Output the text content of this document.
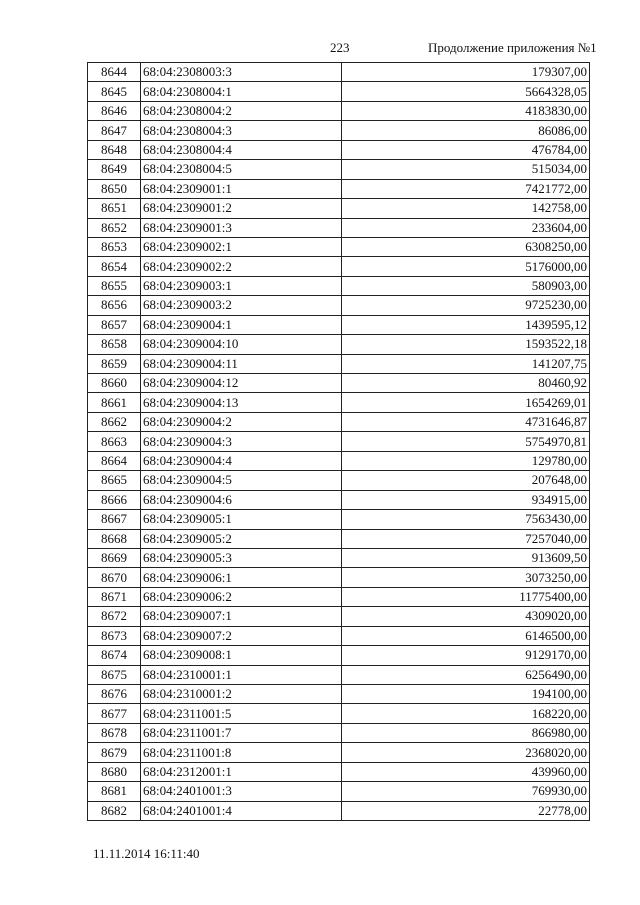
223	Продолжение приложения №1
8644	68:04:2308003:3	179307,00
8645	68:04:2308004:1	5664328,05
8646	68:04:2308004:2	4183830,00
8647	68:04:2308004:3	86086,00
8648	68:04:2308004:4	476784,00
8649	68:04:2308004:5	515034,00
8650	68:04:2309001:1	7421772,00
8651	68:04:2309001:2	142758,00
8652	68:04:2309001:3	233604,00
8653	68:04:2309002:1	6308250,00
8654	68:04:2309002:2	5176000,00
8655	68:04:2309003:1	580903,00
8656	68:04:2309003:2	9725230,00
8657	68:04:2309004:1	1439595,12
8658	68:04:2309004:10	1593522,18
8659	68:04:2309004:11	141207,75
8660	68:04:2309004:12	80460,92
8661	68:04:2309004:13	1654269,01
8662	68:04:2309004:2	4731646,87
8663	68:04:2309004:3	5754970,81
8664	68:04:2309004:4	129780,00
8665	68:04:2309004:5	207648,00
8666	68:04:2309004:6	934915,00
8667	68:04:2309005:1	7563430,00
8668	68:04:2309005:2	7257040,00
8669	68:04:2309005:3	913609,50
8670	68:04:2309006:1	3073250,00
8671	68:04:2309006:2	11775400,00
8672	68:04:2309007:1	4309020,00
8673	68:04:2309007:2	6146500,00
8674	68:04:2309008:1	9129170,00
8675	68:04:2310001:1	6256490,00
8676	68:04:2310001:2	194100,00
8677	68:04:2311001:5	168220,00
8678	68:04:2311001:7	866980,00
8679	68:04:2311001:8	2368020,00
8680	68:04:2312001:1	439960,00
8681	68:04:2401001:3	769930,00
8682	68:04:2401001:4	22778,00
11.11.2014 16:11:40
